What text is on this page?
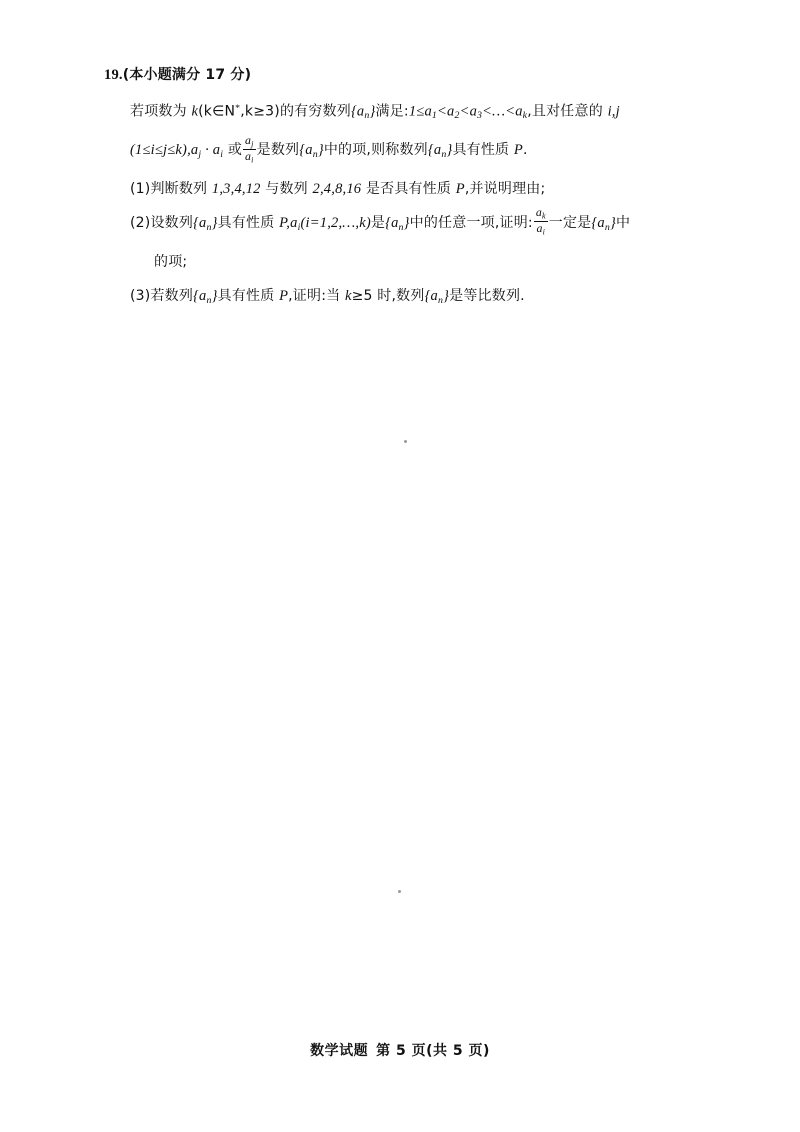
19.(本小题满分 17 分)
若项数为 k(k∈N*,k≥3)的有穷数列$\{a_n\}$满足$:1\le a_1<a_2<a_3<\dots<a_k$,且对任意的 i,j
$(1\le i\le j\le k),a_j \cdot a_i$ 或 $\frac{a_j}{a_i}$ 是数列$\{a_n\}$中的项,则称数列$\{a_n\}$具有性质 P.
(1)判断数列 1,3,4,12 与数列 2,4,8,16 是否具有性质 P,并说明理由;
(2)设数列$\{a_n\}$具有性质 $P,a_i(i=1,2,\dots,k)$是$\{a_n\}$中的任意一项,证明: $\frac{a_k}{a_i}$ 一定是$\{a_n\}$中
的项;
(3)若数列$\{a_n\}$具有性质 P,证明:当 k≥5 时,数列$\{a_n\}$是等比数列.
数学试题 第 5 页(共 5 页)
